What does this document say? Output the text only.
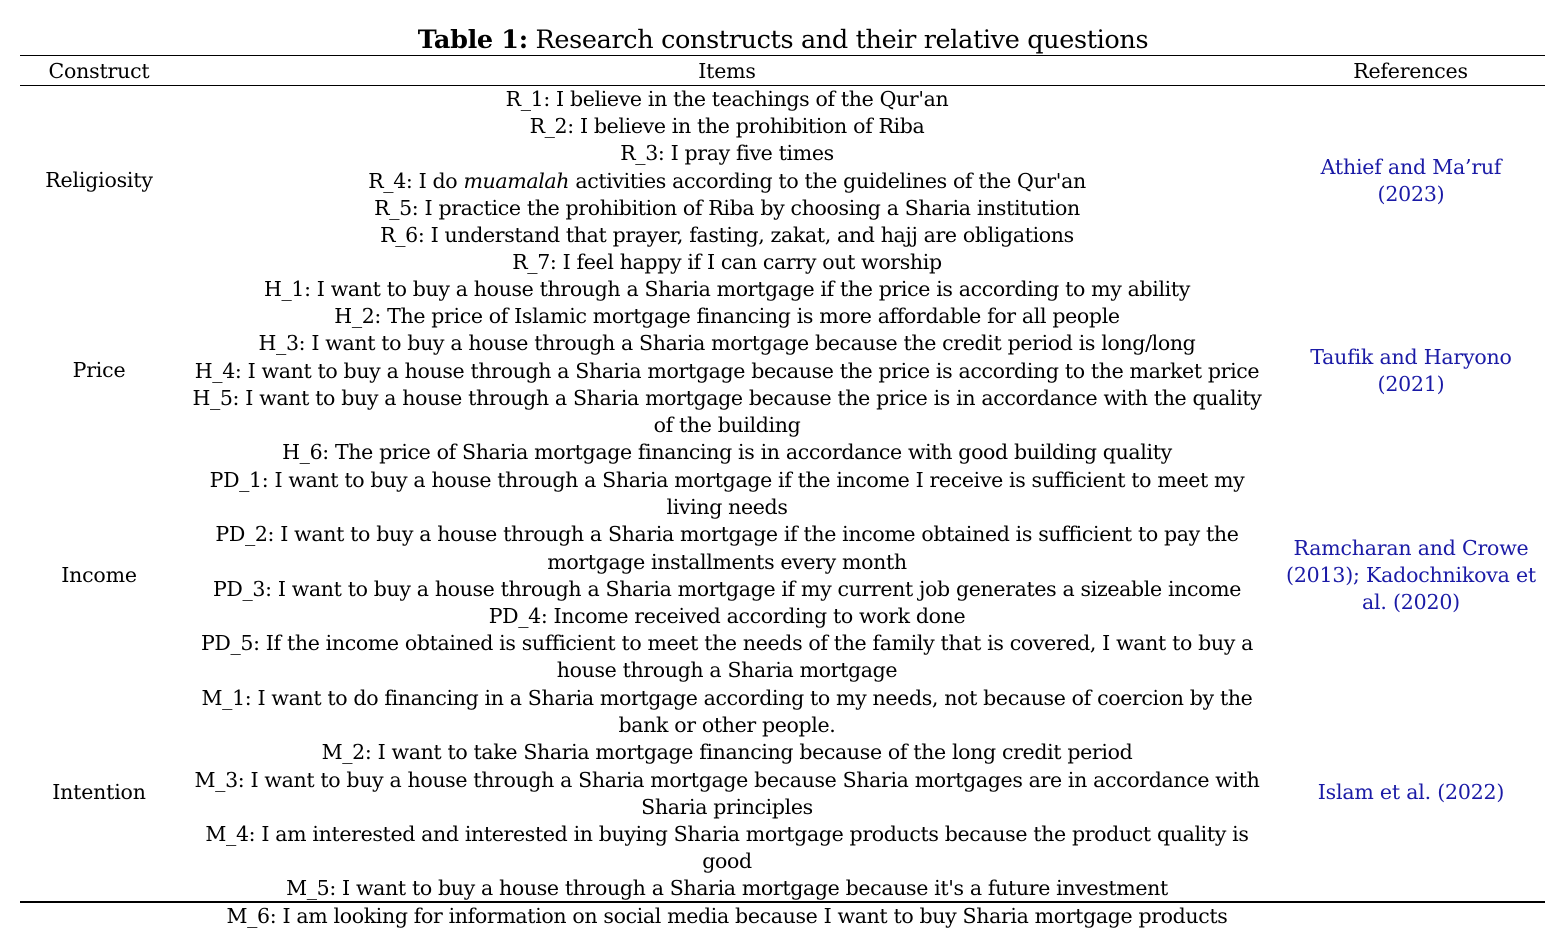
Table 1: Research constructs and their relative questions
Construct	Items	References
Religiosity
R_1: I believe in the teachings of the Qur'an
R_2: I believe in the prohibition of Riba
R_3: I pray five times
R_4: I do muamalah activities according to the guidelines of the Qur'an
R_5: I practice the prohibition of Riba by choosing a Sharia institution
R_6: I understand that prayer, fasting, zakat, and hajj are obligations
R_7: I feel happy if I can carry out worship
Athief and Ma’ruf (2023)
Price
H_1: I want to buy a house through a Sharia mortgage if the price is according to my ability
H_2: The price of Islamic mortgage financing is more affordable for all people
H_3: I want to buy a house through a Sharia mortgage because the credit period is long/long
H_4: I want to buy a house through a Sharia mortgage because the price is according to the market price
H_5: I want to buy a house through a Sharia mortgage because the price is in accordance with the quality of the building
H_6: The price of Sharia mortgage financing is in accordance with good building quality
Taufik and Haryono (2021)
Income
PD_1: I want to buy a house through a Sharia mortgage if the income I receive is sufficient to meet my living needs
PD_2: I want to buy a house through a Sharia mortgage if the income obtained is sufficient to pay the mortgage installments every month
PD_3: I want to buy a house through a Sharia mortgage if my current job generates a sizeable income
PD_4: Income received according to work done
PD_5: If the income obtained is sufficient to meet the needs of the family that is covered, I want to buy a house through a Sharia mortgage
Ramcharan and Crowe (2013); Kadochnikova et al. (2020)
Intention
M_1: I want to do financing in a Sharia mortgage according to my needs, not because of coercion by the bank or other people.
M_2: I want to take Sharia mortgage financing because of the long credit period
M_3: I want to buy a house through a Sharia mortgage because Sharia mortgages are in accordance with Sharia principles
M_4: I am interested and interested in buying Sharia mortgage products because the product quality is good
M_5: I want to buy a house through a Sharia mortgage because it's a future investment
M_6: I am looking for information on social media because I want to buy Sharia mortgage products
Islam et al. (2022)
